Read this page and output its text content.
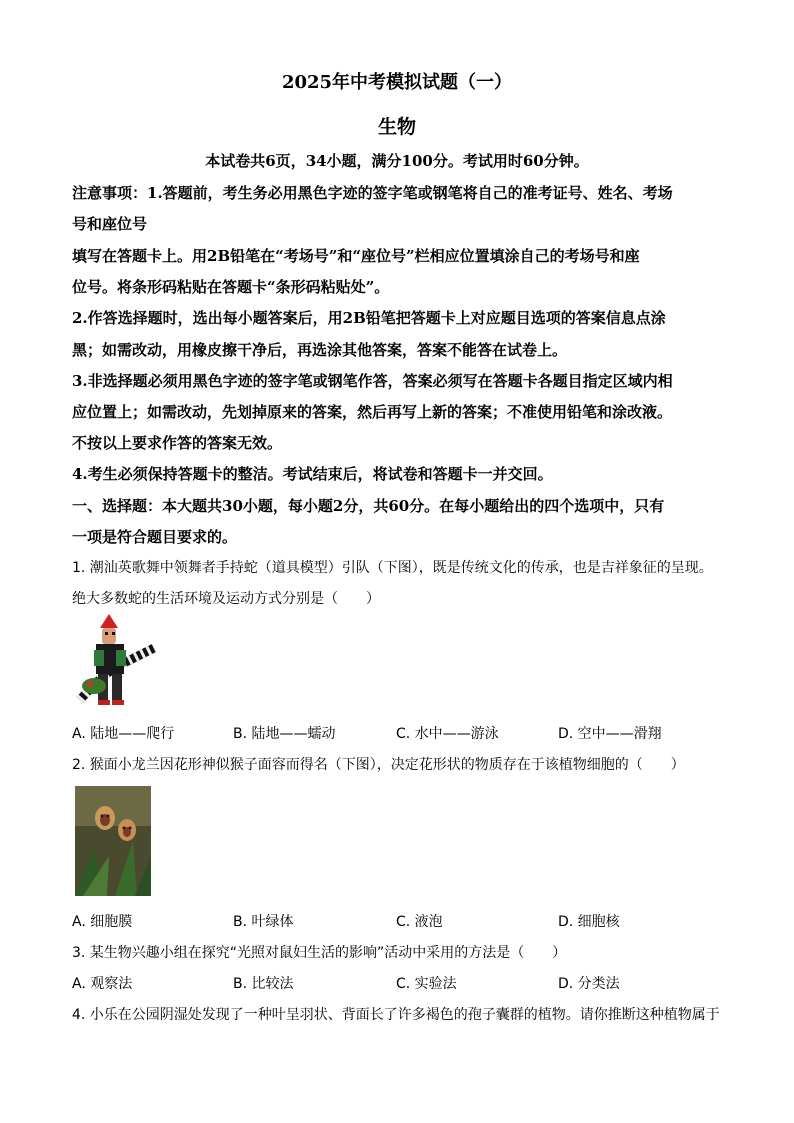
2025年中考模拟试题（一）
生物
本试卷共6页，34小题，满分100分。考试用时60分钟。
注意事项：1.答题前，考生务必用黑色字迹的签字笔或钢笔将自己的准考证号、姓名、考场
号和座位号
填写在答题卡上。用2B铅笔在“考场号”和“座位号”栏相应位置填涂自己的考场号和座
位号。将条形码粘贴在答题卡“条形码粘贴处”。
2.作答选择题时，选出每小题答案后，用2B铅笔把答题卡上对应题目选项的答案信息点涂
黑；如需改动，用橡皮擦干净后，再选涂其他答案，答案不能答在试卷上。
3.非选择题必须用黑色字迹的签字笔或钢笔作答，答案必须写在答题卡各题目指定区域内相
应位置上；如需改动，先划掉原来的答案，然后再写上新的答案；不准使用铅笔和涂改液。
不按以上要求作答的答案无效。
4.考生必须保持答题卡的整洁。考试结束后，将试卷和答题卡一并交回。
一、选择题：本大题共30小题，每小题2分，共60分。在每小题给出的四个选项中，只有
一项是符合题目要求的。
1. 潮汕英歌舞中领舞者手持蛇（道具模型）引队（下图），既是传统文化的传承，也是吉祥象征的呈现。
绝大多数蛇的生活环境及运动方式分别是（　　）
A. 陆地——爬行	B. 陆地——蠕动	C. 水中——游泳	D. 空中——滑翔
2. 猴面小龙兰因花形神似猴子面容而得名（下图），决定花形状的物质存在于该植物细胞的（　　）
A. 细胞膜	B. 叶绿体	C. 液泡	D. 细胞核
3. 某生物兴趣小组在探究“光照对鼠妇生活的影响”活动中采用的方法是（　　）
A. 观察法	B. 比较法	C. 实验法	D. 分类法
4. 小乐在公园阴湿处发现了一种叶呈羽状、背面长了许多褐色的孢子囊群的植物。请你推断这种植物属于
